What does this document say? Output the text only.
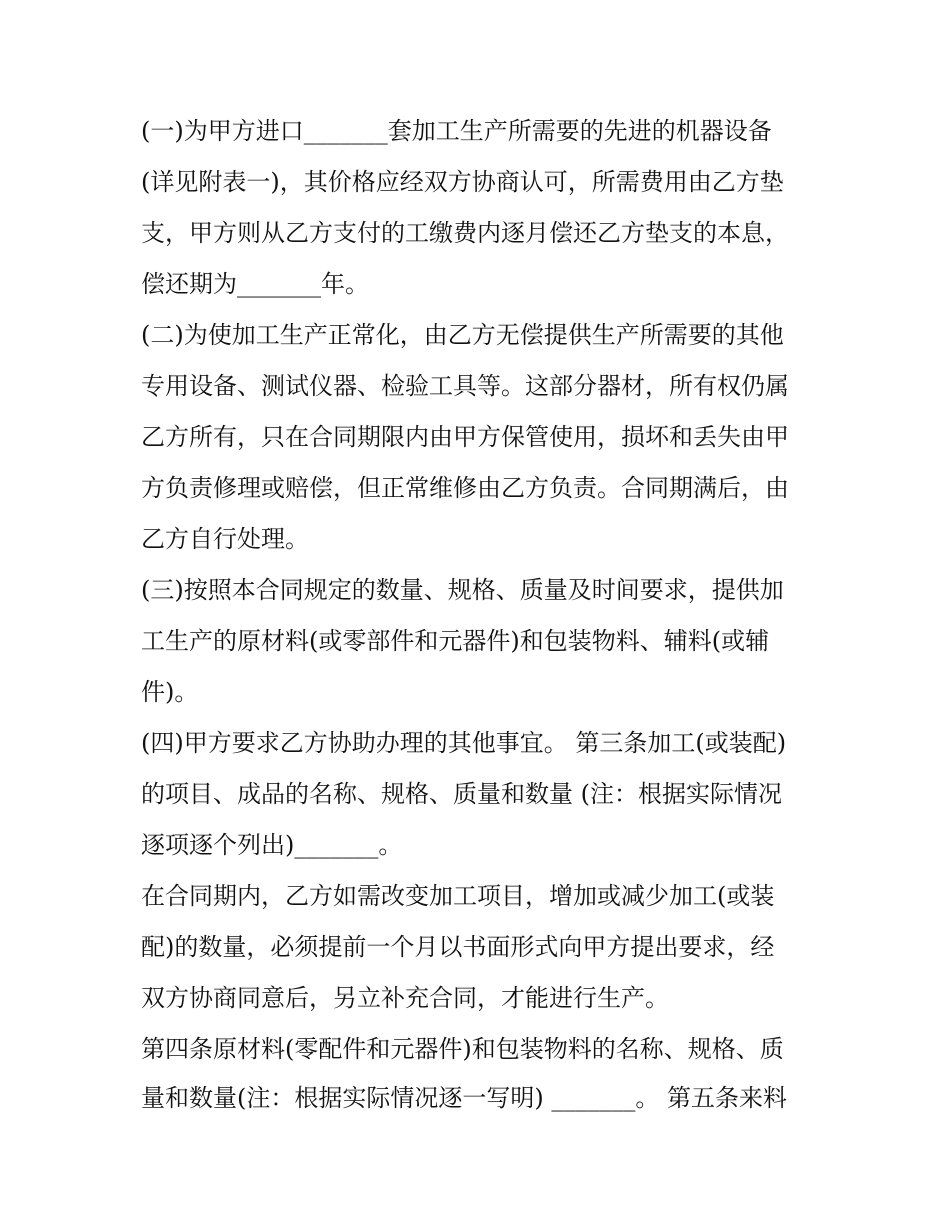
(一)为甲方进口_______套加工生产所需要的先进的机器设备
(详见附表一)，其价格应经双方协商认可，所需费用由乙方垫
支，甲方则从乙方支付的工缴费内逐月偿还乙方垫支的本息，
偿还期为_______年。
(二)为使加工生产正常化，由乙方无偿提供生产所需要的其他
专用设备、测试仪器、检验工具等。这部分器材，所有权仍属
乙方所有，只在合同期限内由甲方保管使用，损坏和丢失由甲
方负责修理或赔偿，但正常维修由乙方负责。合同期满后，由
乙方自行处理。
(三)按照本合同规定的数量、规格、质量及时间要求，提供加
工生产的原材料(或零部件和元器件)和包装物料、辅料(或辅
件)。
(四)甲方要求乙方协助办理的其他事宜。 第三条加工(或装配)
的项目、成品的名称、规格、质量和数量 (注：根据实际情况
逐项逐个列出)_______。
在合同期内，乙方如需改变加工项目，增加或减少加工(或装
配)的数量，必须提前一个月以书面形式向甲方提出要求，经
双方协商同意后，另立补充合同，才能进行生产。
第四条原材料(零配件和元器件)和包装物料的名称、规格、质
量和数量(注：根据实际情况逐一写明) _______。 第五条来料
